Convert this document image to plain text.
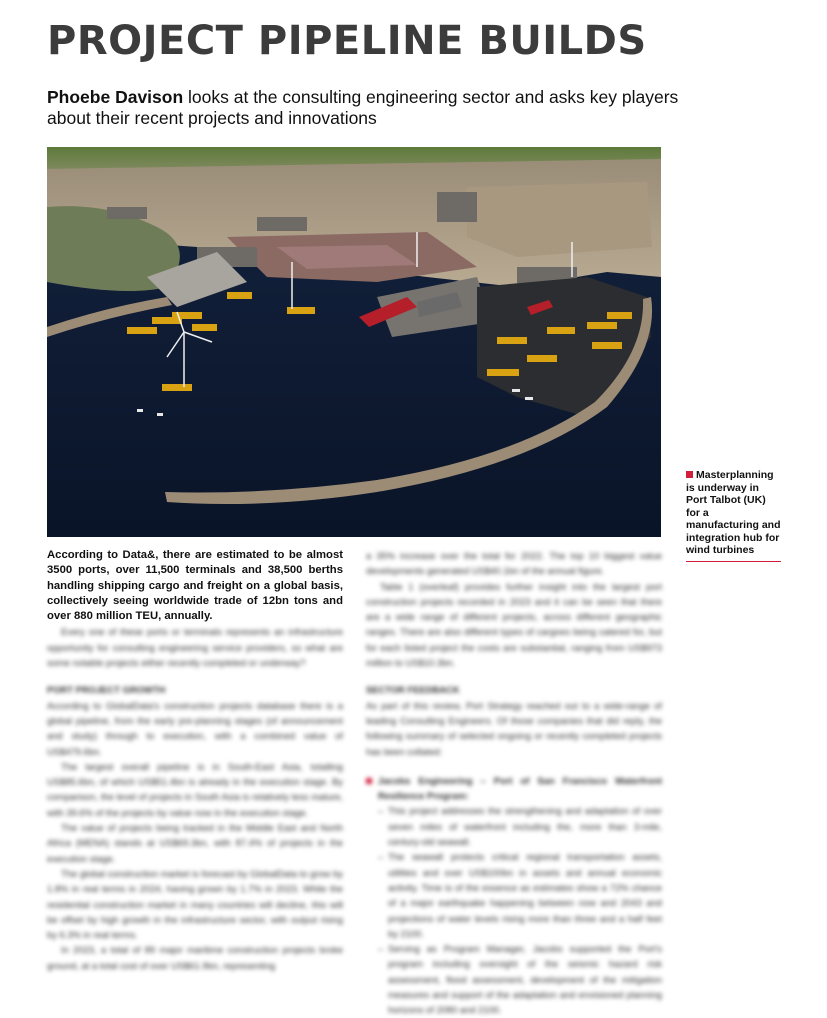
PROJECT PIPELINE BUILDS

Phoebe Davison looks at the consulting engineering sector and asks key players about their recent projects and innovations

Masterplanning is underway in Port Talbot (UK) for a manufacturing and integration hub for wind turbines

According to Data&, there are estimated to be almost 3500 ports, over 11,500 terminals and 38,500 berths handling shipping cargo and freight on a global basis, collectively seeing worldwide trade of 12bn tons and over 880 million TEU, annually.

Every one of these ports or terminals represents an infrastructure opportunity for consulting engineering service providers, so what are some notable projects either recently completed or underway?

PORT PROJECT GROWTH

According to GlobalData's construction projects database there is a global pipeline, from the early pre-planning stages (of announcement and study) through to execution, with a combined value of US$479.6bn.

The largest overall pipeline is in South-East Asia, totalling US$85.6bn, of which US$51.4bn is already in the execution stage. By comparison, the level of projects in South Asia is relatively less mature, with 39.6% of the projects by value now in the execution stage.

The value of projects being tracked in the Middle East and North Africa (MENA) stands at US$69.3bn, with 87.4% of projects in the execution stage.

The global construction market is forecast by GlobalData to grow by 1.8% in real terms in 2024, having grown by 1.7% in 2023. While the residential construction market in many countries will decline, this will be offset by high growth in the infrastructure sector, with output rising by 6.3% in real terms.

In 2023, a total of 89 major maritime construction projects broke ground, at a total cost of over US$61.9bn, representing

a 35% increase over the total for 2022. The top 10 biggest value developments generated US$40.1bn of the annual figure.

Table 1 (overleaf) provides further insight into the largest port construction projects recorded in 2023 and it can be seen that there are a wide range of different projects, across different geographic ranges. There are also different types of cargoes being catered for, but for each listed project the costs are substantial, ranging from US$973 million to US$10.3bn.

SECTOR FEEDBACK

As part of this review, Port Strategy reached out to a wide-range of leading Consulting Engineers. Of those companies that did reply, the following summary of selected ongoing or recently completed projects has been collated:

Jacobs Engineering – Port of San Francisco Waterfront Resilience Program:

– This project addresses the strengthening and adaptation of over seven miles of waterfront including the, more than 3-mile, century-old seawall.
– The seawall protects critical regional transportation assets, utilities and over US$100bn in assets and annual economic activity. Time is of the essence as estimates show a 72% chance of a major earthquake happening between now and 2043 and projections of water levels rising more than three and a half feet by 2100.
– Serving as Program Manager, Jacobs supported the Port's program including oversight of the seismic hazard risk assessment, flood assessment, development of the mitigation measures and support of the adaptation and envisioned planning horizons of 2080 and 2100.
